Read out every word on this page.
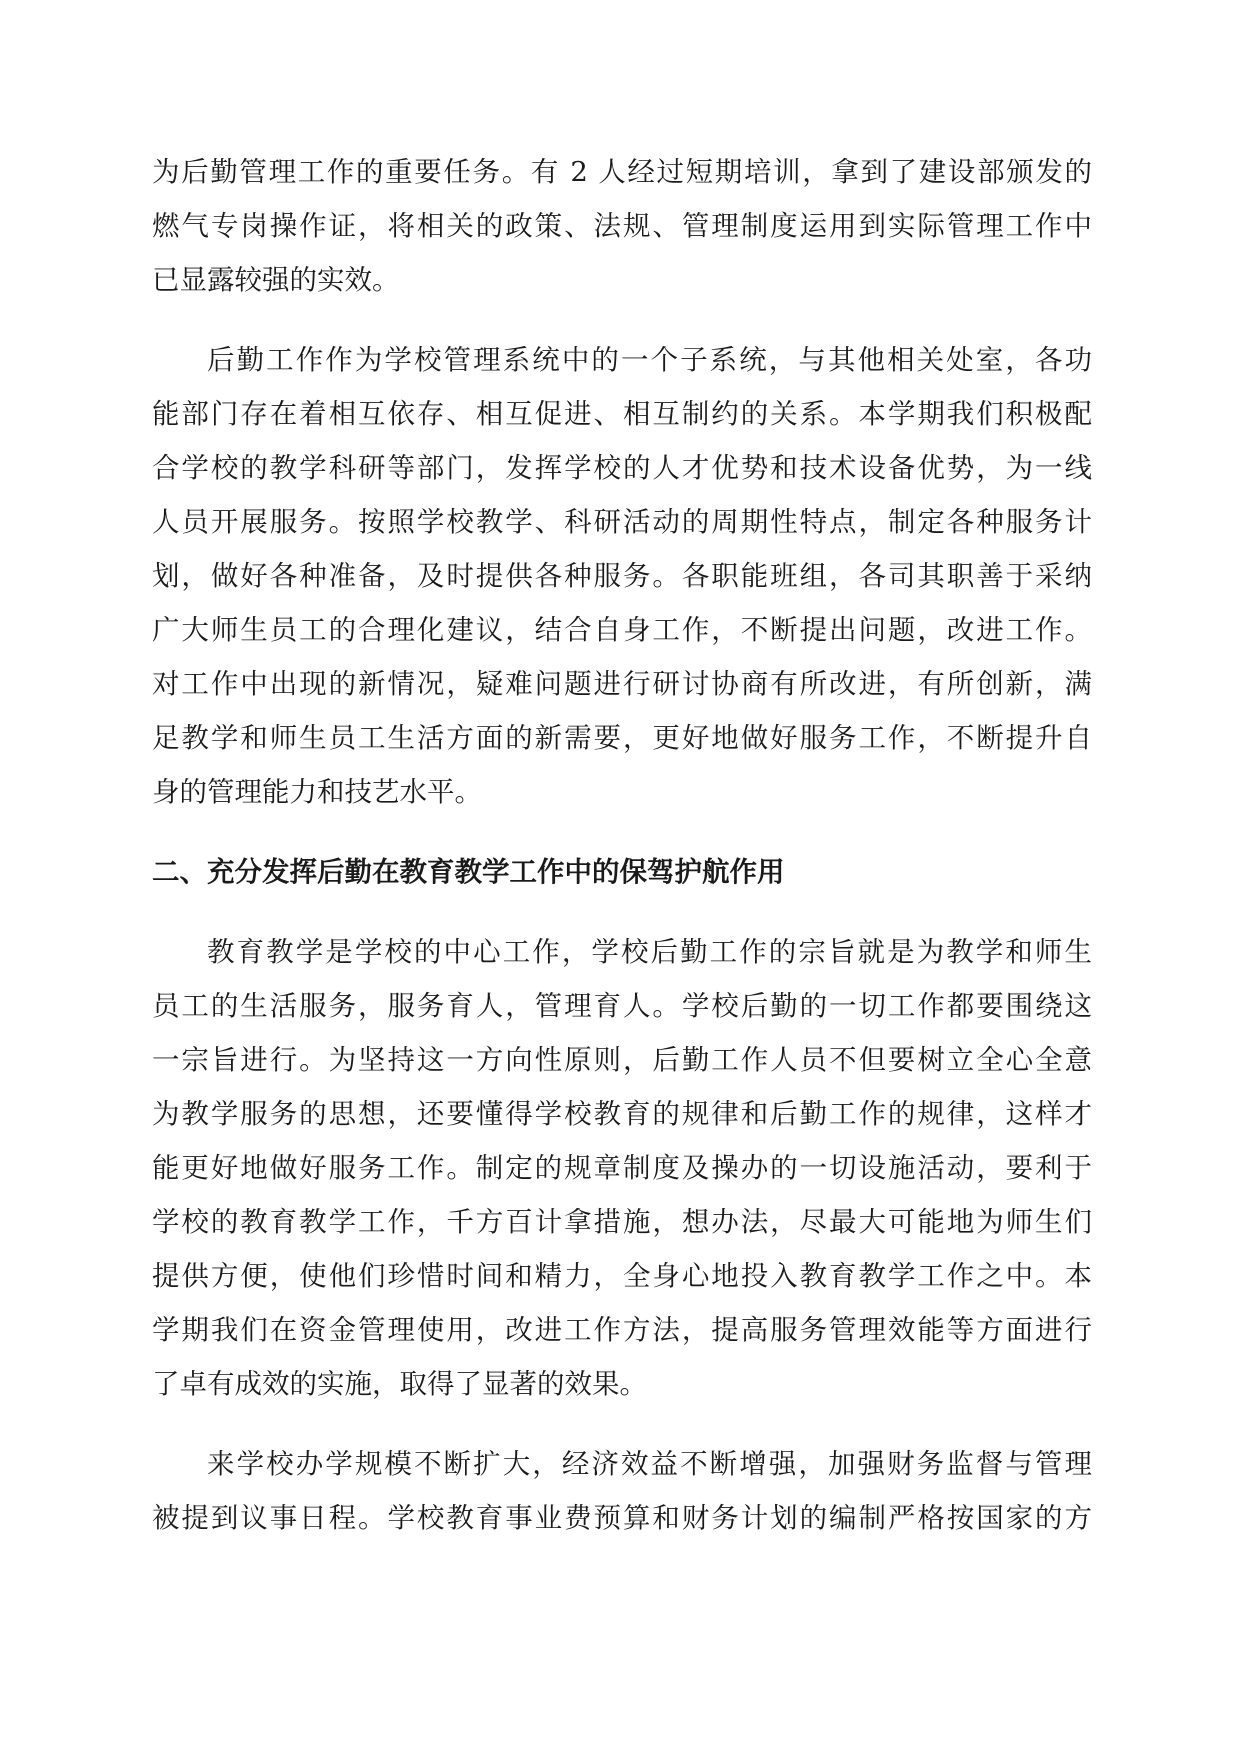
为后勤管理工作的重要任务。有 2 人经过短期培训，拿到了建设部颁发的
燃气专岗操作证，将相关的政策、法规、管理制度运用到实际管理工作中
已显露较强的实效。
后勤工作作为学校管理系统中的一个子系统，与其他相关处室，各功
能部门存在着相互依存、相互促进、相互制约的关系。本学期我们积极配
合学校的教学科研等部门，发挥学校的人才优势和技术设备优势，为一线
人员开展服务。按照学校教学、科研活动的周期性特点，制定各种服务计
划，做好各种准备，及时提供各种服务。各职能班组，各司其职善于采纳
广大师生员工的合理化建议，结合自身工作，不断提出问题，改进工作。
对工作中出现的新情况，疑难问题进行研讨协商有所改进，有所创新，满
足教学和师生员工生活方面的新需要，更好地做好服务工作，不断提升自
身的管理能力和技艺水平。
二、充分发挥后勤在教育教学工作中的保驾护航作用
教育教学是学校的中心工作，学校后勤工作的宗旨就是为教学和师生
员工的生活服务，服务育人，管理育人。学校后勤的一切工作都要围绕这
一宗旨进行。为坚持这一方向性原则，后勤工作人员不但要树立全心全意
为教学服务的思想，还要懂得学校教育的规律和后勤工作的规律，这样才
能更好地做好服务工作。制定的规章制度及操办的一切设施活动，要利于
学校的教育教学工作，千方百计拿措施，想办法，尽最大可能地为师生们
提供方便，使他们珍惜时间和精力，全身心地投入教育教学工作之中。本
学期我们在资金管理使用，改进工作方法，提高服务管理效能等方面进行
了卓有成效的实施，取得了显著的效果。
来学校办学规模不断扩大，经济效益不断增强，加强财务监督与管理
被提到议事日程。学校教育事业费预算和财务计划的编制严格按国家的方
